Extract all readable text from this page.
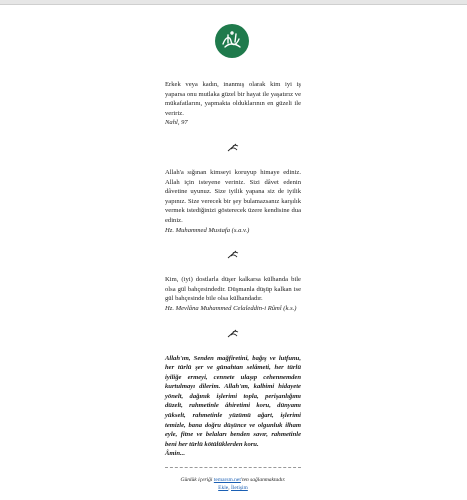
Erkek veya kadın, inanmış olarak kim iyi iş yaparsa onu mutlaka güzel bir hayat ile yaşatırız ve mükafatlarını, yapmakta olduklarının en güzeli ile veririz.

Nahl, 97

Allah'a sığınan kimseyi koruyup himaye ediniz. Allah için isteyene veriniz. Sizi dâvet edenin dâvetine uyunuz. Size iyilik yapana siz de iyilik yapınız. Size verecek bir şey bulamazsanız karşılık vermek istediğinizi gösterecek üzere kendisine dua ediniz.

Hz. Muhammed Mustafa (s.a.v.)

Kim, (iyi) dostlarla düşer kalkarsa külhanda bile olsa gül bahçesindedir. Düşmanla düşüp kalkan ise gül bahçesinde bile olsa külhandadır.

Hz. Mevlâna Muhammed Celaleddin-i Rûmî (k.s.)

Allah'ım, Senden mağfiretini, bağış ve lutfunu, her türlü şer ve günahtan selâmeti, her türlü iyiliğe ermeyi, cennete ulaşıp cehennemden kurtulmayı dilerim. Allah'ım, kalbimi hidayete yönelt, dağınık işlerimi topla, perişanlığımı düzelt, rahmetinle âhiretimi koru, dünyamı yükselt, rahmetinle yüzümü ağart, işlerimi temizle, bana doğru düşünce ve olgunluk ilham eyle, fitne ve belaları benden savır, rahmetinle beni her türlü kötülüklerden koru.

Âmin...

Günlük içeriği temarsm.net'ten sağlanmaktadır.
Ekle, İletişim
